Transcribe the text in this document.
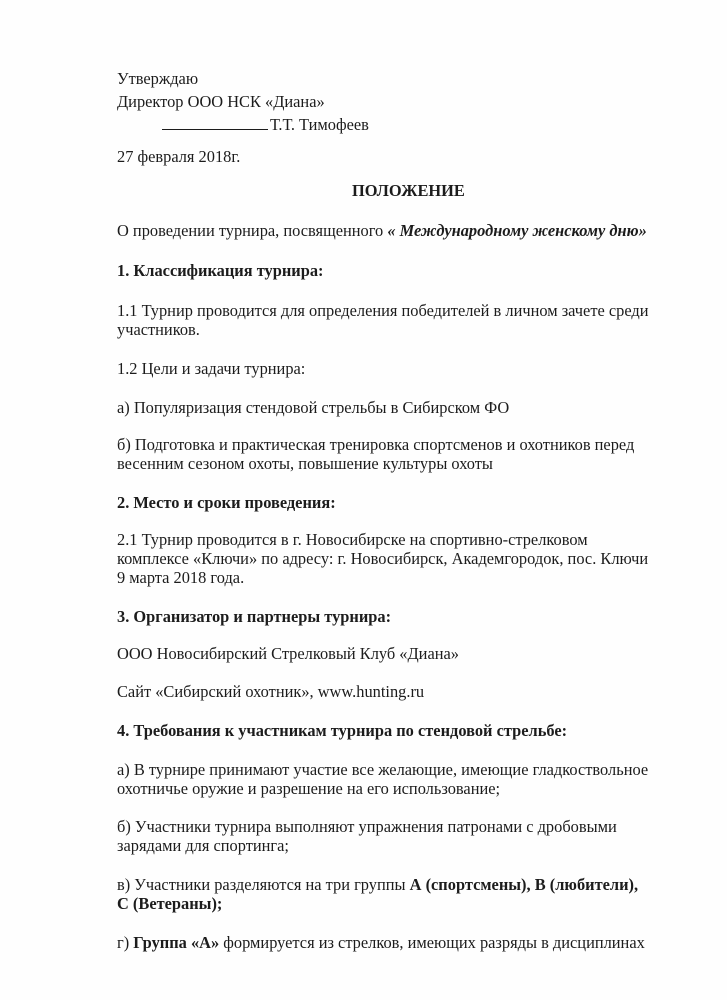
Утверждаю

Директор ООО НСК «Диана»

Т.Т. Тимофеев

27 февраля 2018г.

ПОЛОЖЕНИЕ

О проведении турнира, посвященного « Международному женскому дню»

1. Классификация турнира:

1.1 Турнир проводится для определения победителей в личном зачете среди

участников.

1.2 Цели и задачи турнира:

а) Популяризация стендовой стрельбы в Сибирском ФО

б) Подготовка и практическая тренировка спортсменов и охотников перед

весенним сезоном охоты, повышение культуры охоты

2. Место и сроки проведения:

2.1 Турнир проводится в г. Новосибирске на спортивно-стрелковом

комплексе «Ключи» по адресу: г. Новосибирск, Академгородок, пос. Ключи

9 марта 2018 года.

3. Организатор и партнеры турнира:

ООО Новосибирский Стрелковый Клуб «Диана»

Сайт «Сибирский охотник», www.hunting.ru

4. Требования к участникам турнира по стендовой стрельбе:

а) В турнире принимают участие все желающие, имеющие гладкоствольное

охотничье оружие и разрешение на его использование;

б) Участники турнира выполняют упражнения патронами с дробовыми

зарядами для спортинга;

в) Участники разделяются на три группы А (спортсмены), В (любители),

С (Ветераны);

г) Группа «А» формируется из стрелков, имеющих разряды в дисциплинах
